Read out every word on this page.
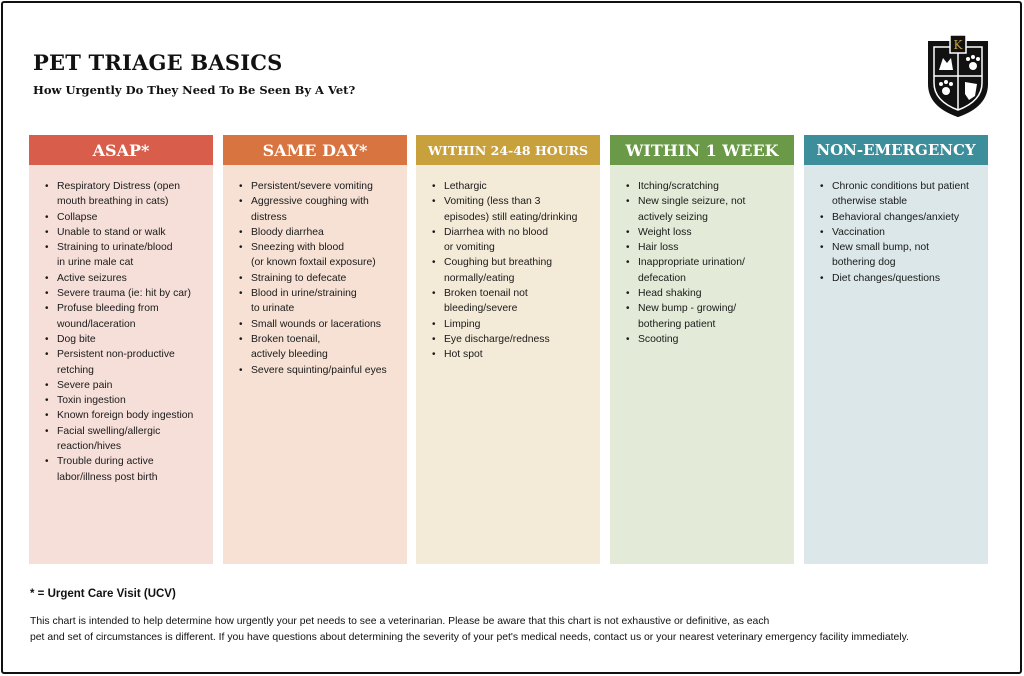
PET TRIAGE BASICS
How Urgently Do They Need To Be Seen By A Vet?
K
ASAP*
• Respiratory Distress (open
mouth breathing in cats)
• Collapse
• Unable to stand or walk
• Straining to urinate/blood
in urine male cat
• Active seizures
• Severe trauma (ie: hit by car)
• Profuse bleeding from
wound/laceration
• Dog bite
• Persistent non-productive
retching
• Severe pain
• Toxin ingestion
• Known foreign body ingestion
• Facial swelling/allergic
reaction/hives
• Trouble during active
labor/illness post birth
SAME DAY*
• Persistent/severe vomiting
• Aggressive coughing with
distress
• Bloody diarrhea
• Sneezing with blood
(or known foxtail exposure)
• Straining to defecate
• Blood in urine/straining
to urinate
• Small wounds or lacerations
• Broken toenail,
actively bleeding
• Severe squinting/painful eyes
WITHIN 24-48 HOURS
• Lethargic
• Vomiting (less than 3
episodes) still eating/drinking
• Diarrhea with no blood
or vomiting
• Coughing but breathing
normally/eating
• Broken toenail not
bleeding/severe
• Limping
• Eye discharge/redness
• Hot spot
WITHIN 1 WEEK
• Itching/scratching
• New single seizure, not
actively seizing
• Weight loss
• Hair loss
• Inappropriate urination/
defecation
• Head shaking
• New bump - growing/
bothering patient
• Scooting
NON-EMERGENCY
• Chronic conditions but patient
otherwise stable
• Behavioral changes/anxiety
• Vaccination
• New small bump, not
bothering dog
• Diet changes/questions
* = Urgent Care Visit (UCV)
This chart is intended to help determine how urgently your pet needs to see a veterinarian. Please be aware that this chart is not exhaustive or definitive, as each
pet and set of circumstances is different. If you have questions about determining the severity of your pet's medical needs, contact us or your nearest veterinary emergency facility immediately.
